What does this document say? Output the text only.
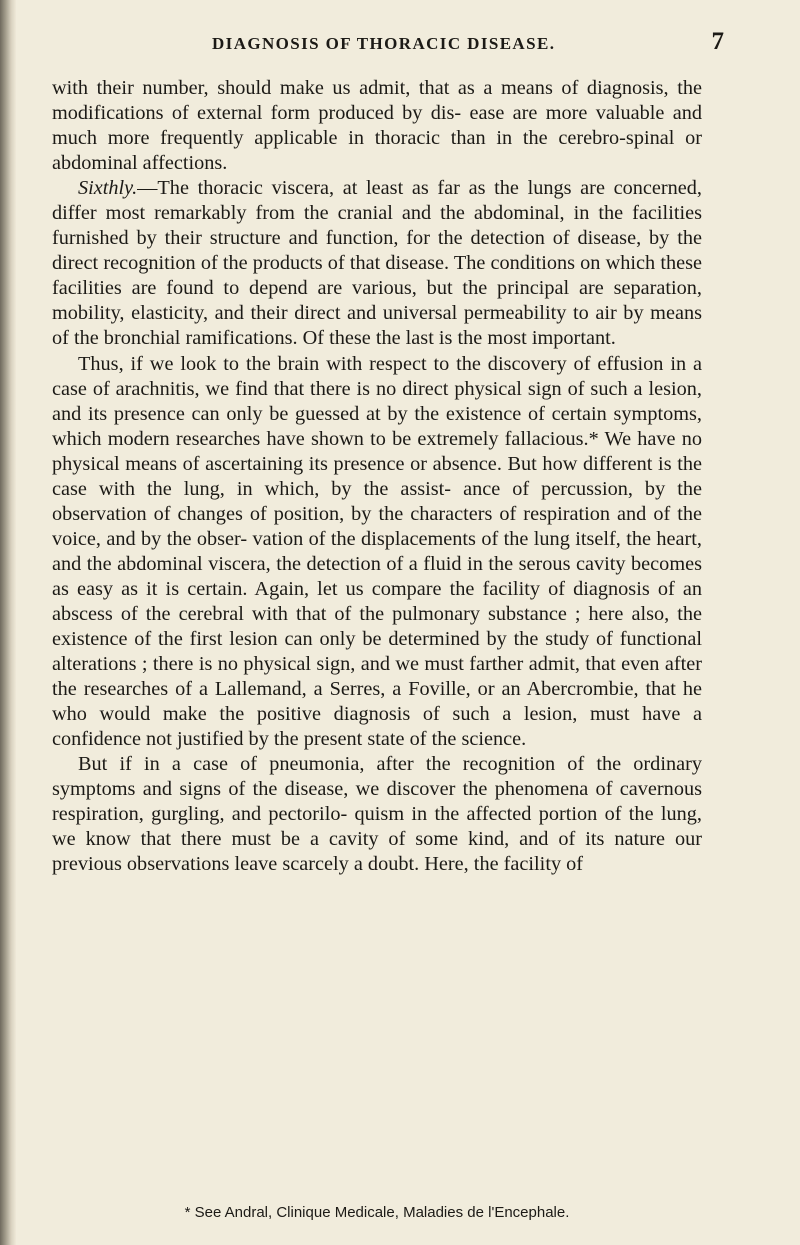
DIAGNOSIS OF THORACIC DISEASE.	7

with their number, should make us admit, that as a means of diagnosis, the modifications of external form produced by dis- ease are more valuable and much more frequently applicable in thoracic than in the cerebro-spinal or abdominal affections.

Sixthly.—The thoracic viscera, at least as far as the lungs are concerned, differ most remarkably from the cranial and the abdominal, in the facilities furnished by their structure and function, for the detection of disease, by the direct recognition of the products of that disease. The conditions on which these facilities are found to depend are various, but the principal are separation, mobility, elasticity, and their direct and universal permeability to air by means of the bronchial ramifications. Of these the last is the most important.

Thus, if we look to the brain with respect to the discovery of effusion in a case of arachnitis, we find that there is no direct physical sign of such a lesion, and its presence can only be guessed at by the existence of certain symptoms, which modern researches have shown to be extremely fallacious.* We have no physical means of ascertaining its presence or absence. But how different is the case with the lung, in which, by the assist- ance of percussion, by the observation of changes of position, by the characters of respiration and of the voice, and by the obser- vation of the displacements of the lung itself, the heart, and the abdominal viscera, the detection of a fluid in the serous cavity becomes as easy as it is certain. Again, let us compare the facility of diagnosis of an abscess of the cerebral with that of the pulmonary substance ; here also, the existence of the first lesion can only be determined by the study of functional alterations ; there is no physical sign, and we must farther admit, that even after the researches of a Lallemand, a Serres, a Foville, or an Abercrombie, that he who would make the positive diagnosis of such a lesion, must have a confidence not justified by the present state of the science.

But if in a case of pneumonia, after the recognition of the ordinary symptoms and signs of the disease, we discover the phenomena of cavernous respiration, gurgling, and pectorilo- quism in the affected portion of the lung, we know that there must be a cavity of some kind, and of its nature our previous observations leave scarcely a doubt. Here, the facility of

* See Andral, Clinique Medicale, Maladies de l'Encephale.
